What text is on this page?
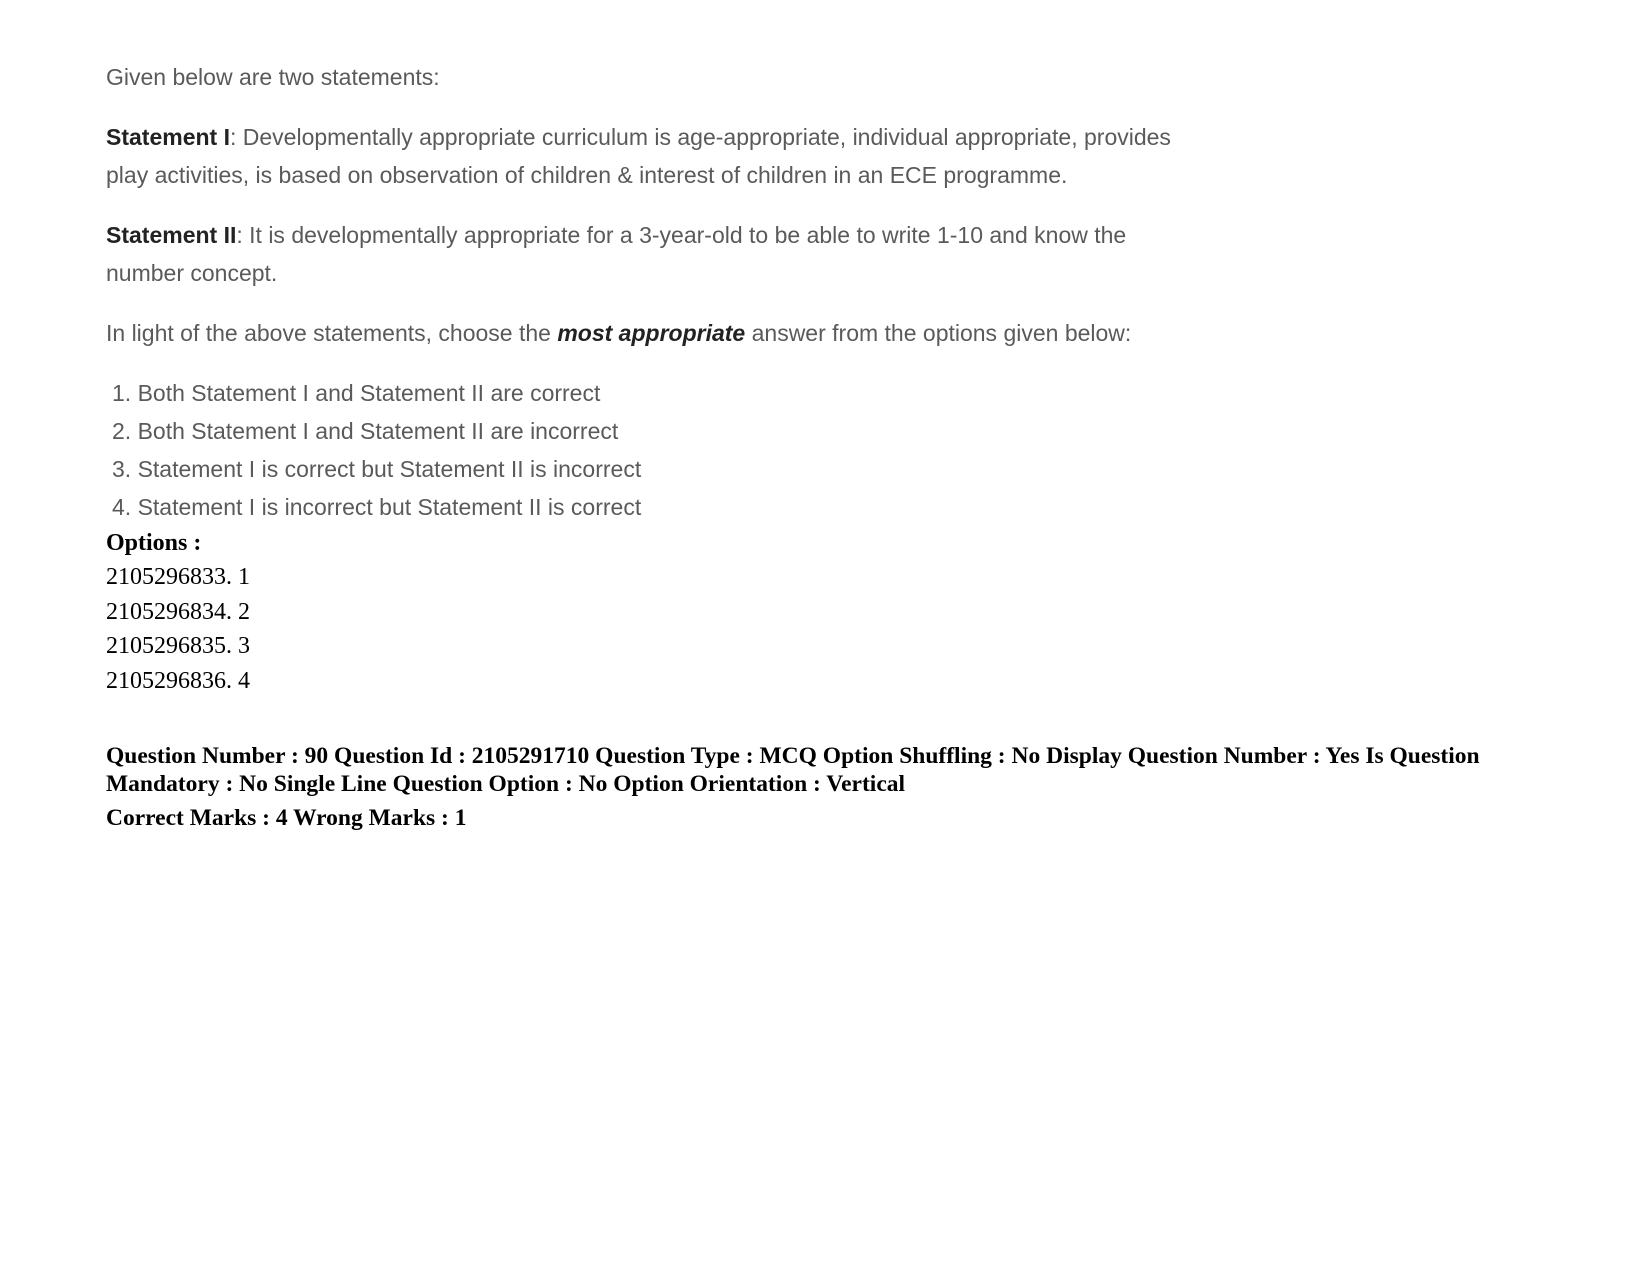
Given below are two statements:

Statement I: Developmentally appropriate curriculum is age-appropriate, individual appropriate, provides play activities, is based on observation of children & interest of children in an ECE programme.

Statement II: It is developmentally appropriate for a 3-year-old to be able to write 1-10 and know the number concept.

In light of the above statements, choose the most appropriate answer from the options given below:

1. Both Statement I and Statement II are correct
2. Both Statement I and Statement II are incorrect
3. Statement I is correct but Statement II is incorrect
4. Statement I is incorrect but Statement II is correct
Options :
2105296833. 1
2105296834. 2
2105296835. 3
2105296836. 4
Question Number : 90 Question Id : 2105291710 Question Type : MCQ Option Shuffling : No Display Question Number : Yes Is Question Mandatory : No Single Line Question Option : No Option Orientation : Vertical
Correct Marks : 4 Wrong Marks : 1
